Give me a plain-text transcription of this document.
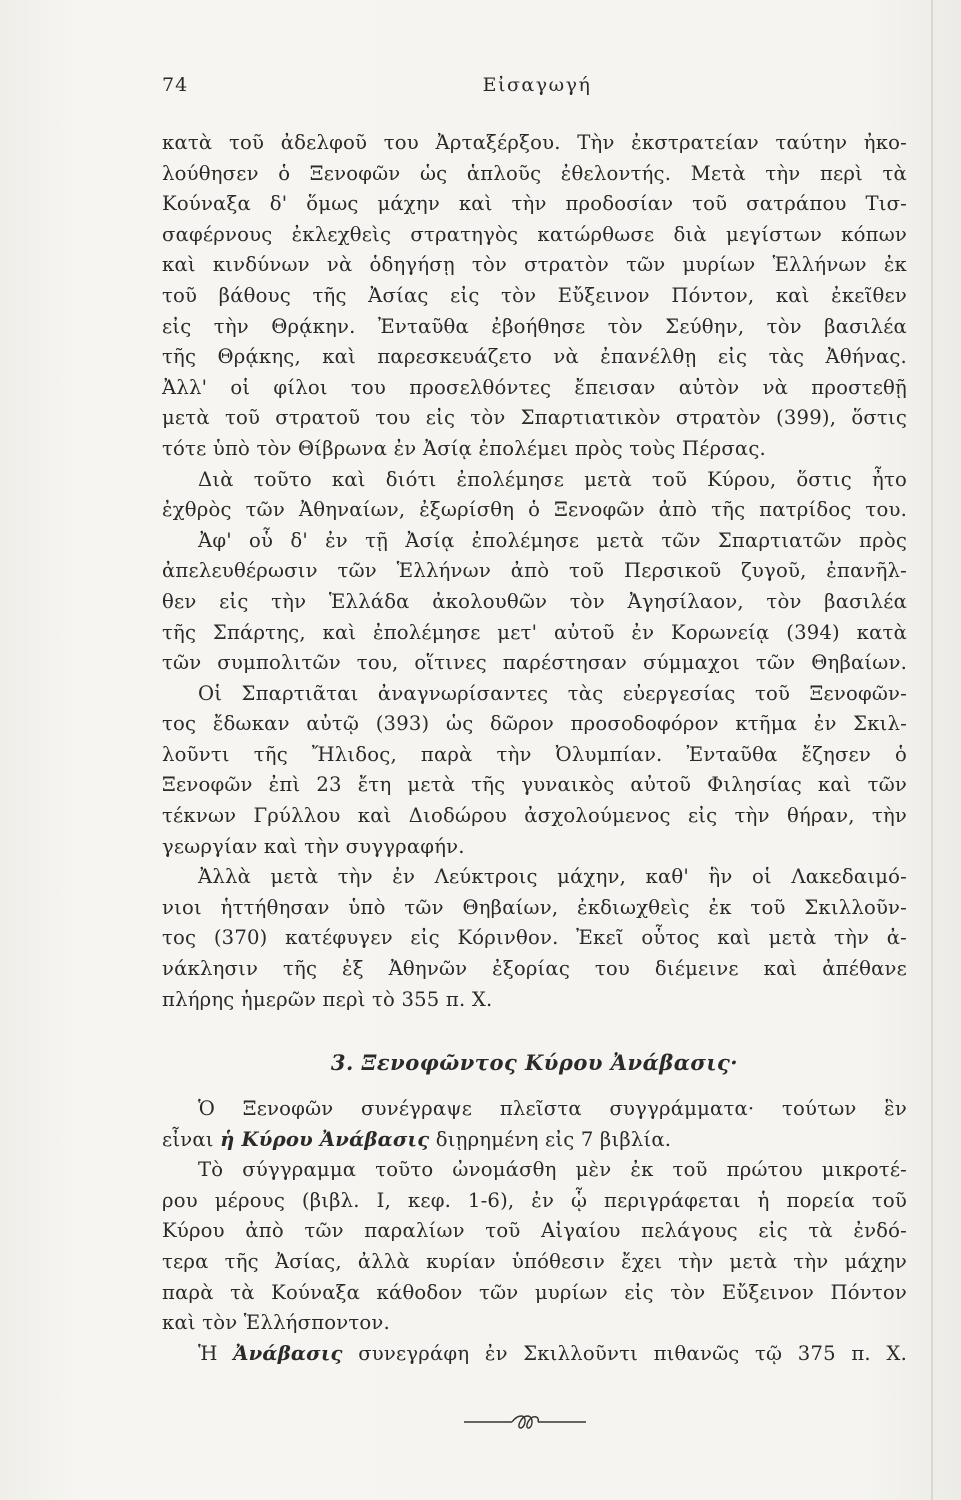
74	Εἰσαγωγή
κατὰ τοῦ ἀδελφοῦ του Ἀρταξέρξου. Τὴν ἐκστρατείαν ταύτην ἠκο-
λούθησεν ὁ Ξενοφῶν ὡς ἁπλοῦς ἐθελοντής. Μετὰ τὴν περὶ τὰ
Κούναξα δ' ὅμως μάχην καὶ τὴν προδοσίαν τοῦ σατράπου Τισ-
σαφέρνους ἐκλεχθεὶς στρατηγὸς κατώρθωσε διὰ μεγίστων κόπων
καὶ κινδύνων νὰ ὁδηγήσῃ τὸν στρατὸν τῶν μυρίων Ἑλλήνων ἐκ
τοῦ βάθους τῆς Ἀσίας εἰς τὸν Εὔξεινον Πόντον, καὶ ἐκεῖθεν
εἰς τὴν Θρᾴκην. Ἐνταῦθα ἐβοήθησε τὸν Σεύθην, τὸν βασιλέα
τῆς Θρᾴκης, καὶ παρεσκευάζετο νὰ ἐπανέλθῃ εἰς τὰς Ἀθήνας.
Ἀλλ' οἱ φίλοι του προσελθόντες ἔπεισαν αὐτὸν νὰ προστεθῇ
μετὰ τοῦ στρατοῦ του εἰς τὸν Σπαρτιατικὸν στρατὸν (399), ὅστις
τότε ὑπὸ τὸν Θίβρωνα ἐν Ἀσίᾳ ἐπολέμει πρὸς τοὺς Πέρσας.
Διὰ τοῦτο καὶ διότι ἐπολέμησε μετὰ τοῦ Κύρου, ὅστις ἦτο
ἐχθρὸς τῶν Ἀθηναίων, ἐξωρίσθη ὁ Ξενοφῶν ἀπὸ τῆς πατρίδος του.
Ἀφ' οὗ δ' ἐν τῇ Ἀσίᾳ ἐπολέμησε μετὰ τῶν Σπαρτιατῶν πρὸς
ἀπελευθέρωσιν τῶν Ἑλλήνων ἀπὸ τοῦ Περσικοῦ ζυγοῦ, ἐπανῆλ-
θεν εἰς τὴν Ἑλλάδα ἀκολουθῶν τὸν Ἀγησίλαον, τὸν βασιλέα
τῆς Σπάρτης, καὶ ἐπολέμησε μετ' αὐτοῦ ἐν Κορωνείᾳ (394) κατὰ
τῶν συμπολιτῶν του, οἵτινες παρέστησαν σύμμαχοι τῶν Θηβαίων.
Οἱ Σπαρτιᾶται ἀναγνωρίσαντες τὰς εὐεργεσίας τοῦ Ξενοφῶν-
τος ἔδωκαν αὐτῷ (393) ὡς δῶρον προσοδοφόρον κτῆμα ἐν Σκιλ-
λοῦντι τῆς Ἤλιδος, παρὰ τὴν Ὀλυμπίαν. Ἐνταῦθα ἔζησεν ὁ
Ξενοφῶν ἐπὶ 23 ἔτη μετὰ τῆς γυναικὸς αὐτοῦ Φιλησίας καὶ τῶν
τέκνων Γρύλλου καὶ Διοδώρου ἀσχολούμενος εἰς τὴν θήραν, τὴν
γεωργίαν καὶ τὴν συγγραφήν.
Ἀλλὰ μετὰ τὴν ἐν Λεύκτροις μάχην, καθ' ἣν οἱ Λακεδαιμό-
νιοι ἡττήθησαν ὑπὸ τῶν Θηβαίων, ἐκδιωχθεὶς ἐκ τοῦ Σκιλλοῦν-
τος (370) κατέφυγεν εἰς Κόρινθον. Ἐκεῖ οὗτος καὶ μετὰ τὴν ἀ-
νάκλησιν τῆς ἐξ Ἀθηνῶν ἐξορίας του διέμεινε καὶ ἀπέθανε
πλήρης ἡμερῶν περὶ τὸ 355 π. Χ.
3. Ξενοφῶντος Κύρου Ἀνάβασις·
Ὁ Ξενοφῶν συνέγραψε πλεῖστα συγγράμματα· τούτων ἓν
εἶναι ἡ Κύρου Ἀνάβασις διῃρημένη εἰς 7 βιβλία.
Τὸ σύγγραμμα τοῦτο ὠνομάσθη μὲν ἐκ τοῦ πρώτου μικροτέ-
ρου μέρους (βιβλ. Ι, κεφ. 1-6), ἐν ᾧ περιγράφεται ἡ πορεία τοῦ
Κύρου ἀπὸ τῶν παραλίων τοῦ Αἰγαίου πελάγους εἰς τὰ ἐνδό-
τερα τῆς Ἀσίας, ἀλλὰ κυρίαν ὑπόθεσιν ἔχει τὴν μετὰ τὴν μάχην
παρὰ τὰ Κούναξα κάθοδον τῶν μυρίων εἰς τὸν Εὔξεινον Πόντον
καὶ τὸν Ἑλλήσποντον.
Ἡ Ἀνάβασις συνεγράφη ἐν Σκιλλοῦντι πιθανῶς τῷ 375 π. Χ.
